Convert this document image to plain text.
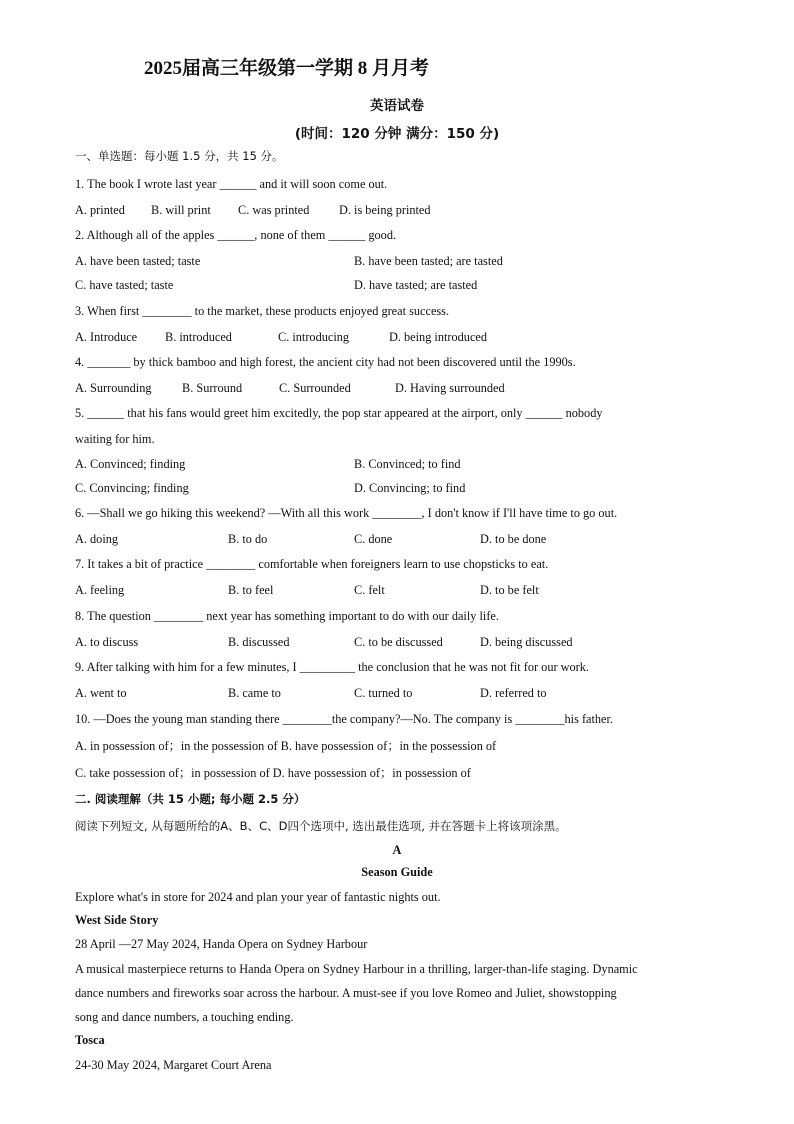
2025届高三年级第一学期 8 月月考
英语试卷
(时间：120 分钟 满分：150 分)
一、单选题：每小题 1.5 分，共 15 分。
1. The book I wrote last year ______ and it will soon come out.
A. printed B. will print C. was printed D. is being printed
2. Although all of the apples ______, none of them ______ good.
A. have been tasted; taste	B. have been tasted; are tasted
C. have tasted; taste	D. have tasted; are tasted
3. When first ________ to the market, these products enjoyed great success.
A. Introduce B. introduced	C. introducing	D. being introduced
4. _______ by thick bamboo and high forest, the ancient city had not been discovered until the 1990s.
A. Surrounding B. Surround	C. Surrounded	D. Having surrounded
5. ______ that his fans would greet him excitedly, the pop star appeared at the airport, only ______ nobody
waiting for him.
A. Convinced; finding	B. Convinced; to find
C. Convincing; finding	D. Convincing; to find
6. —Shall we go hiking this weekend? —With all this work ________, I don't know if I'll have time to go out.
A. doing	B. to do	C. done	D. to be done
7. It takes a bit of practice ________ comfortable when foreigners learn to use chopsticks to eat.
A. feeling	B. to feel	C. felt	D. to be felt
8. The question ________ next year has something important to do with our daily life.
A. to discuss	B. discussed	C. to be discussed	D. being discussed
9. After talking with him for a few minutes, I _________ the conclusion that he was not fit for our work.
A. went to	B. came to	C. turned to	D. referred to
10. —Does the young man standing there ________the company?—No. The company is ________his father.
A. in possession of；in the possession of B. have possession of；in the possession of
C. take possession of；in possession of D. have possession of；in possession of
二. 阅读理解（共 15 小题; 每小题 2.5 分）
阅读下列短文, 从每题所给的A、B、C、D四个选项中, 选出最佳选项, 并在答题卡上将该项涂黑。
A
Season Guide
Explore what's in store for 2024 and plan your year of fantastic nights out.
West Side Story
28 April —27 May 2024, Handa Opera on Sydney Harbour
A musical masterpiece returns to Handa Opera on Sydney Harbour in a thrilling, larger-than-life staging. Dynamic
dance numbers and fireworks soar across the harbour. A must-see if you love Romeo and Juliet, showstopping
song and dance numbers, a touching ending.
Tosca
24-30 May 2024, Margaret Court Arena
